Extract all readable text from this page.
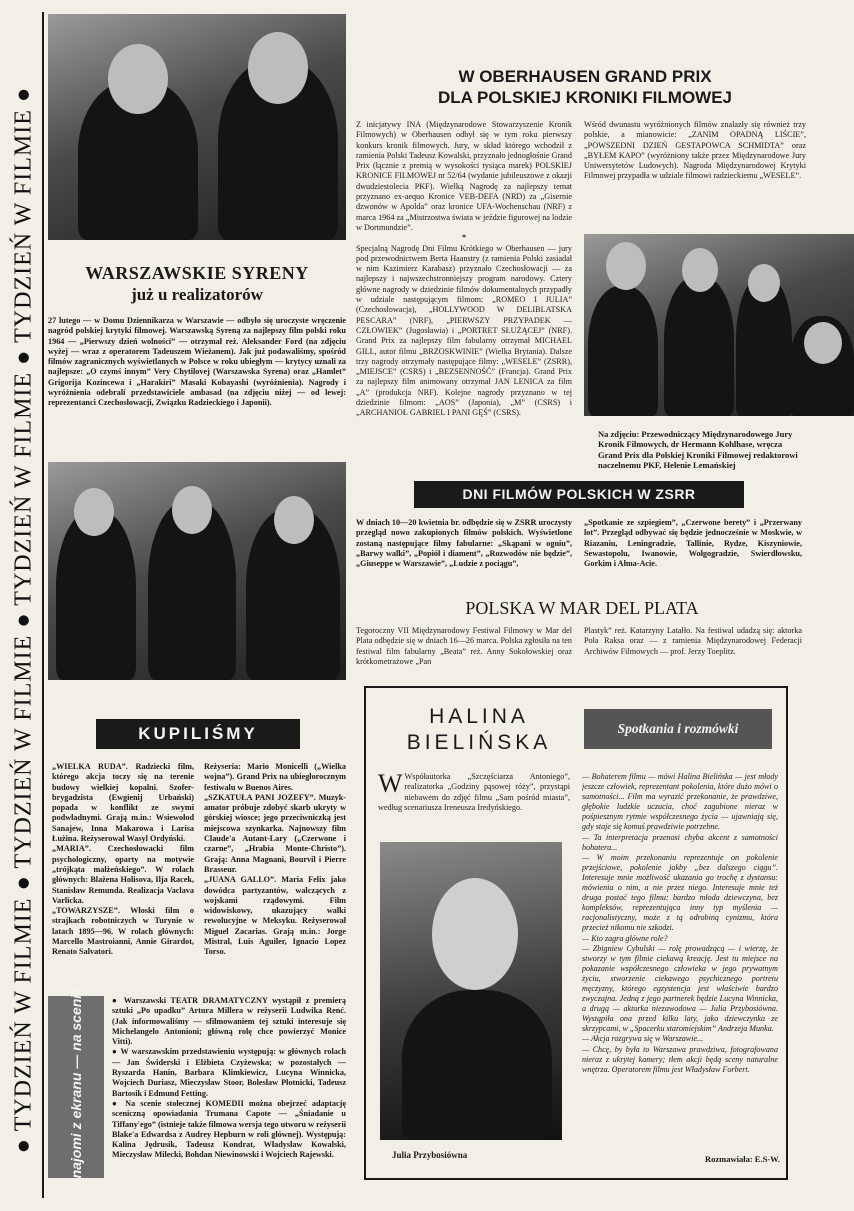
● TYDZIEŃ W FILMIE ● TYDZIEŃ W FILMIE ● TYDZIEŃ W FILMIE ● TYDZIEŃ W FILMIE ●
W OBERHAUSEN GRAND PRIX
DLA POLSKIEJ KRONIKI FILMOWEJ

Z inicjatywy INA (Międzynarodowe Stowarzyszenie Kronik Filmowych) w Oberhausen odbył się w tym roku pierwszy konkurs kronik filmowych. Jury, w skład którego wchodził z ramienia Polski Tadeusz Kowalski, przyznało jednogłośnie Grand Prix (łącznie z premią w wysokości tysiąca marek) POLSKIEJ KRONICE FILMOWEJ nr 52/64 (wydanie jubileuszowe z okazji dwudziestolecia PKF). Wielką Nagrodę za najlepszy temat przyznano ex-aequo Kronice VEB-DEFA (NRD) za „Gisernie dzwonów w Apolda” oraz kronice UFA-Wochenschau (NRF) z marca 1964 za „Mistrzostwa świata w jeździe figurowej na lodzie w Dortmundzie”.

*
Specjalną Nagrodę Dni Filmu Krótkiego w Oberhausen — jury pod przewodnictwem Berta Haanstry (z ramienia Polski zasiadał w nim Kazimierz Karabasz) przyznało Czechosłowacji — za najlepszy i najwszechstronniejszy program narodowy. Cztery główne nagrody w dziedzinie filmów dokumentalnych przypadły w udziale następującym filmom: „ROMEO I JULIA” (Czechosłowacja), „HOLLYWOOD W DELIBLATSKA PESCARA” (NRF), „PIERWSZY PRZYPADEK — CZŁOWIEK” (Jugosławia) i „PORTRET SŁUŻĄCEJ” (NRF). Grand Prix za najlepszy film fabularny otrzymał MICHAEL GILL, autor filmu „BRZOSKWINIE” (Wielka Brytania). Dalsze trzy nagrody otrzymały następujące filmy: „WESELE” (ZSRR), „MIEJSCE” (CSRS) i „BEZSENNOŚĆ” (Francja). Grand Prix za najlepszy film animowany otrzymał JAN LENICA za film „A” (produkcja NRF). Kolejne nagrody przyznano w tej dziedzinie filmom: „AOS” (Japonia), „M” (CSRS) i „ARCHANIOŁ GABRIEL I PANI GĘŚ” (CSRS).

Wśród dwunastu wyróżnionych filmów znalazły się również trzy polskie, a mianowicie: „ZANIM OPADNĄ LIŚCIE”, „POWSZEDNI DZIEŃ GESTAPOWCA SCHMIDTA” oraz „BYŁEM KAPO” (wyróżniony także przez Międzynarodowe Jury Uniwersytetów Ludowych). Nagroda Międzynarodowej Krytyki Filmowej przypadła w udziale filmowi radzieckiemu „WESELE”.

Na zdjęciu: Przewodniczący Międzynarodowego Jury Kronik Filmowych, dr Hermann Kohlhase, wręcza Grand Prix dla Polskiej Kroniki Filmowej redaktorowi naczelnemu PKF, Helenie Lemańskiej

WARSZAWSKIE SYRENY
już u realizatorów

27 lutego — w Domu Dziennikarza w Warszawie — odbyło się uroczyste wręczenie nagród polskiej krytyki filmowej. Warszawską Syreną za najlepszy film polski roku 1964 — „Pierwszy dzień wolności” — otrzymał reż. Aleksander Ford (na zdjęciu wyżej — wraz z operatorem Tadeuszem Wieżanem). Jak już podawaliśmy, spośród filmów zagranicznych wyświetlanych w Polsce w roku ubiegłym — krytycy uznali za najlepsze: „O czymś innym” Very Chytilovej (Warszawska Syrena) oraz „Hamlet” Grigorija Kozincewa i „Harakiri” Masaki Kobayashi (wyróżnienia). Nagrody i wyróżnienia odebrali przedstawiciele ambasad (na zdjęciu niżej — od lewej: reprezentanci Czechosłowacji, Związku Radzieckiego i Japonii).

DNI FILMÓW POLSKICH W ZSRR

W dniach 10—20 kwietnia br. odbędzie się w ZSRR uroczysty przegląd nowo zakupionych filmów polskich. Wyświetlone zostaną następujące filmy fabularne: „Skąpani w ogniu”, „Barwy walki”, „Popiół i diament”, „Rozwodów nie będzie”, „Giuseppe w Warszawie”, „Ludzie z pociągu”,

„Spotkanie ze szpiegiem”, „Czerwone berety” i „Przerwany lot”. Przegląd odbywać się będzie jednocześnie w Moskwie, w Riazaniu, Leningradzie, Tallinie, Rydze, Kiszyniowie, Sewastopolu, Iwanowie, Wołgogradzie, Swierdłowsku, Gorkim i Ałma-Acie.

POLSKA W MAR DEL PLATA

Tegoroczny VII Międzynarodowy Festiwal Filmowy w Mar del Plata odbędzie się w dniach 16—26 marca. Polska zgłosiła na ten festiwal film fabularny „Beata” reż. Anny Sokołowskiej oraz krótkometrażowe „Pan

Plastyk” reż. Katarzyny Latałło. Na festiwal udadzą się: aktorka Pola Raksa oraz — z ramienia Międzynarodowej Federacji Archiwów Filmowych — prof. Jerzy Toeplitz.

KUPILIŚMY

„WIELKA RUDA”. Radziecki film, którego akcja toczy się na terenie budowy wielkiej kopalni. Szofer-brygadzista (Ewgienij Urbański) popada w konflikt ze swymi podwładnymi. Grają m.in.: Wsiewołod Sanajew, Inna Makarowa i Larisa Łużina. Reżyserował Wasyl Ordyński.
„MARIA”. Czechosłowacki film psychologiczny, oparty na motywie „trójkąta małżeńskiego”. W rolach głównych: Blażena Holisova, Ilja Racek, Stanisław Remunda. Realizacja Vaclava Varlicka.
„TOWARZYSZE”. Włoski film o strajkach robotniczych w Turynie w latach 1895—96. W rolach głównych: Marcello Mastroianni, Annie Girardot, Renato Salvatori.

Reżyseria: Mario Monicelli („Wielka wojna”). Grand Prix na ubiegłorocznym festiwalu w Buenos Aires.
„SZKATUŁA PANI JOZEFY”. Muzyk-amator próbuje zdobyć skarb ukryty w górskiej wiosce; jego przeciwniczką jest miejscowa szynkarka. Najnowszy film Claude'a Autant-Lary („Czerwone i czarne”, „Hrabia Monte-Christo”). Grają: Anna Magnani, Bourvil i Pierre Brasseur.
„JUANA GALLO”. Maria Felix jako dowódca partyzantów, walczących z wojskami rządowymi. Film widowiskowy, ukazujący walki rewolucyjne w Meksyku. Reżyserował Miguel Zacarias. Grają m.in.: Jorge Mistral, Luis Aguiler, Ignacio Lopez Torso.

Znajomi z ekranu — na scenie	● Warszawski TEATR DRAMATYCZNY wystąpił z premierą sztuki „Po upadku” Artura Millera w reżyserii Ludwika Renć. (Jak informowaliśmy — sfilmowaniem tej sztuki interesuje się Michelangelo Antonioni; główną rolę chce powierzyć Monice Vitti).
● W warszawskim przedstawieniu występują: w głównych rolach — Jan Świderski i Elżbieta Czyżewska; w pozostałych — Ryszarda Hanin, Barbara Klimkiewicz, Lucyna Winnicka, Wojciech Duriasz, Mieczysław Stoor, Bolesław Płotnicki, Tadeusz Bartosik i Edmund Fetting.
● Na scenie stołecznej KOMEDII można obejrzeć adaptację sceniczną opowiadania Trumana Capote — „Śniadanie u Tiffany'ego” (istnieje także filmowa wersja tego utworu w reżyserii Blake'a Edwardsa z Audrey Hepburn w roli głównej). Występują: Kalina Jędrusik, Tadeusz Kondrat, Władysław Kowalski, Mieczysław Milecki, Bohdan Niewinowski i Wojciech Rajewski.

HALINA
BIELIŃSKA
Spotkania i rozmówki

W Współautorka „Szczęściarza Antoniego”, realizatorka „Godziny pąsowej róży”, przystąpi niebawem do zdjęć filmu „Sam pośród miasta”, według scenariusza Ireneusza Iredyńskiego.

Julia Przybosiówna

— Bohaterem filmu — mówi Halina Bielińska — jest młody jeszcze człowiek, reprezentant pokolenia, które dużo mówi o samotności... Film ma wyrazić przekonanie, że prawdziwe, głębokie ludzkie uczucia, choć zagubione nieraz w pośpiesznym rytmie współczesnego życia — ujawniają się, gdy staje się komuś prawdziwie potrzebne.
— Ta interpretacja przenosi chyba akcent z samotności bohatera...
— W moim przekonaniu reprezentuje on pokolenie przejściowe, pokolenie jakby „bez dalszego ciągu”. Interesuje mnie możliwość ukazania go trochę z dystansu: mówienia o nim, a nie przez niego. Interesuje mnie też druga postać tego filmu: bardzo młoda dziewczyna, bez kompleksów, reprezentująca inny typ myślenia — racjonalistyczny, może z tą odrobiną cynizmu, która przecież nikomu nie szkodzi.
— Kto zagra główne role?
— Zbigniew Cybulski — rolę prowadzącą — i wierzę, że stworzy w tym filmie ciekawą kreację. Jest tu miejsce na pokazanie współczesnego człowieka w jego prywatnym życiu, stworzenie ciekawego psychicznego portretu męczyzny, którego egzystencja jest właściwie bardzo zwyczajna. Jedną z jego partnerek będzie Lucyna Winnicka, a drugą — aktorka niezawodowa — Julia Przybosiówna. Wystąpiła ona przed kilku laty, jako dziewczynka ze skrzypcami, w „Spacerku staromiejskim” Andrzeja Munka.
— Akcja rozgrywa się w Warszawie...
— Chcę, by była to Warszawa prawdziwa, fotografowana nieraz z ukrytej kamery; tłem akcji będą sceny naturalne wnętrza. Operatorem filmu jest Władysław Forbert.

Rozmawiała: E.S-W.
